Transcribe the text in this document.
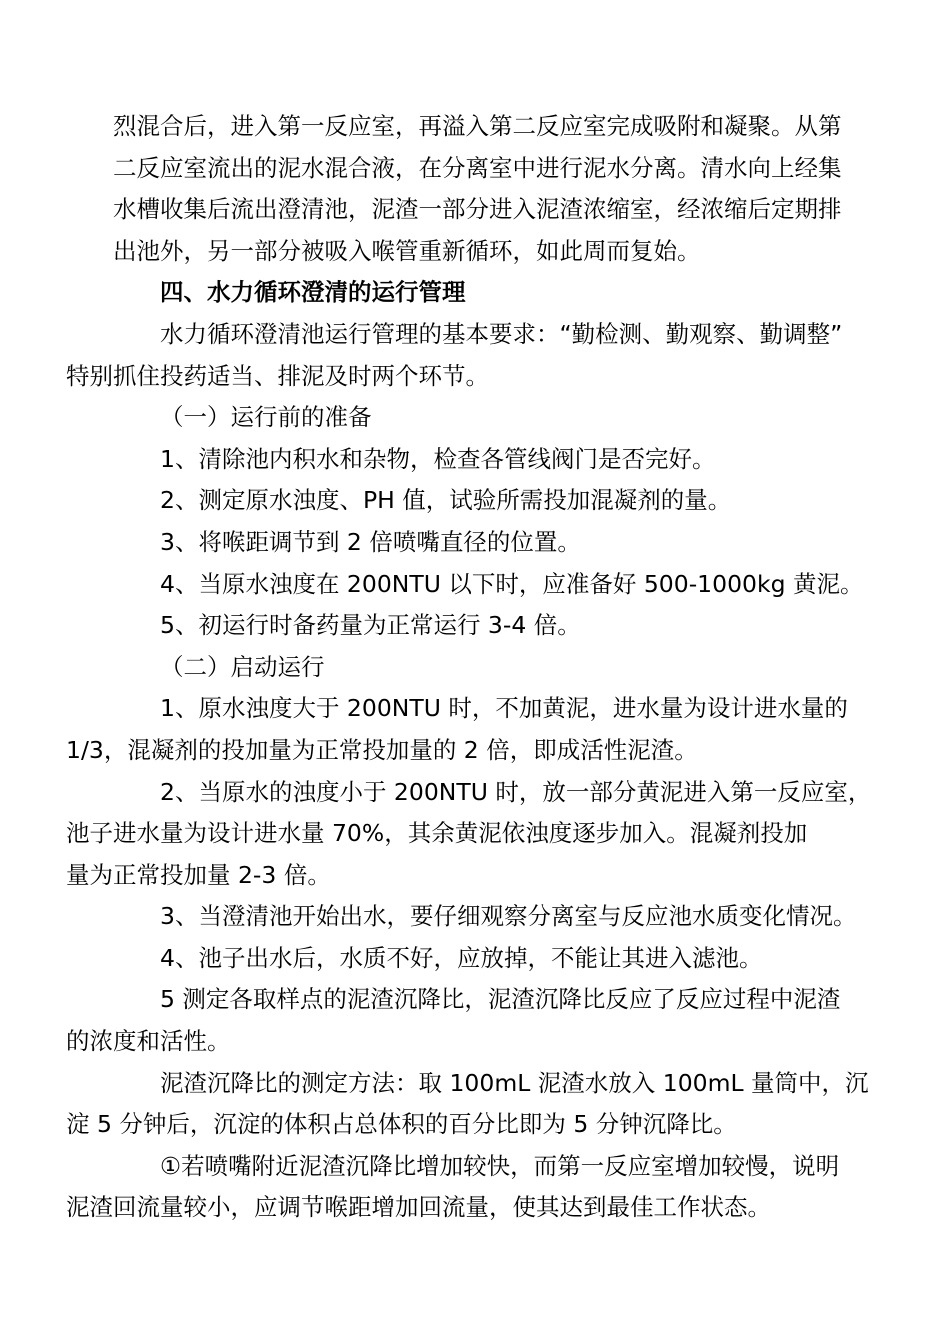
烈混合后，进入第一反应室，再溢入第二反应室完成吸附和凝聚。从第
二反应室流出的泥水混合液，在分离室中进行泥水分离。清水向上经集
水槽收集后流出澄清池，泥渣一部分进入泥渣浓缩室，经浓缩后定期排
出池外，另一部分被吸入喉管重新循环，如此周而复始。

四、水力循环澄清的运行管理

水力循环澄清池运行管理的基本要求：“勤检测、勤观察、勤调整”
特别抓住投药适当、排泥及时两个环节。

（一）运行前的准备

1、清除池内积水和杂物，检查各管线阀门是否完好。

2、测定原水浊度、PH 值，试验所需投加混凝剂的量。

3、将喉距调节到 2 倍喷嘴直径的位置。

4、当原水浊度在 200NTU 以下时，应准备好 500-1000kg 黄泥。

5、初运行时备药量为正常运行 3-4 倍。

（二）启动运行

1、原水浊度大于 200NTU 时，不加黄泥，进水量为设计进水量的
1/3，混凝剂的投加量为正常投加量的 2 倍，即成活性泥渣。

2、当原水的浊度小于 200NTU 时，放一部分黄泥进入第一反应室，
池子进水量为设计进水量 70%，其余黄泥依浊度逐步加入。混凝剂投加
量为正常投加量 2-3 倍。

3、当澄清池开始出水，要仔细观察分离室与反应池水质变化情况。

4、池子出水后，水质不好，应放掉，不能让其进入滤池。

5 测定各取样点的泥渣沉降比，泥渣沉降比反应了反应过程中泥渣
的浓度和活性。

泥渣沉降比的测定方法：取 100mL 泥渣水放入 100mL 量筒中，沉
淀 5 分钟后，沉淀的体积占总体积的百分比即为 5 分钟沉降比。

①若喷嘴附近泥渣沉降比增加较快，而第一反应室增加较慢，说明
泥渣回流量较小，应调节喉距增加回流量，使其达到最佳工作状态。
